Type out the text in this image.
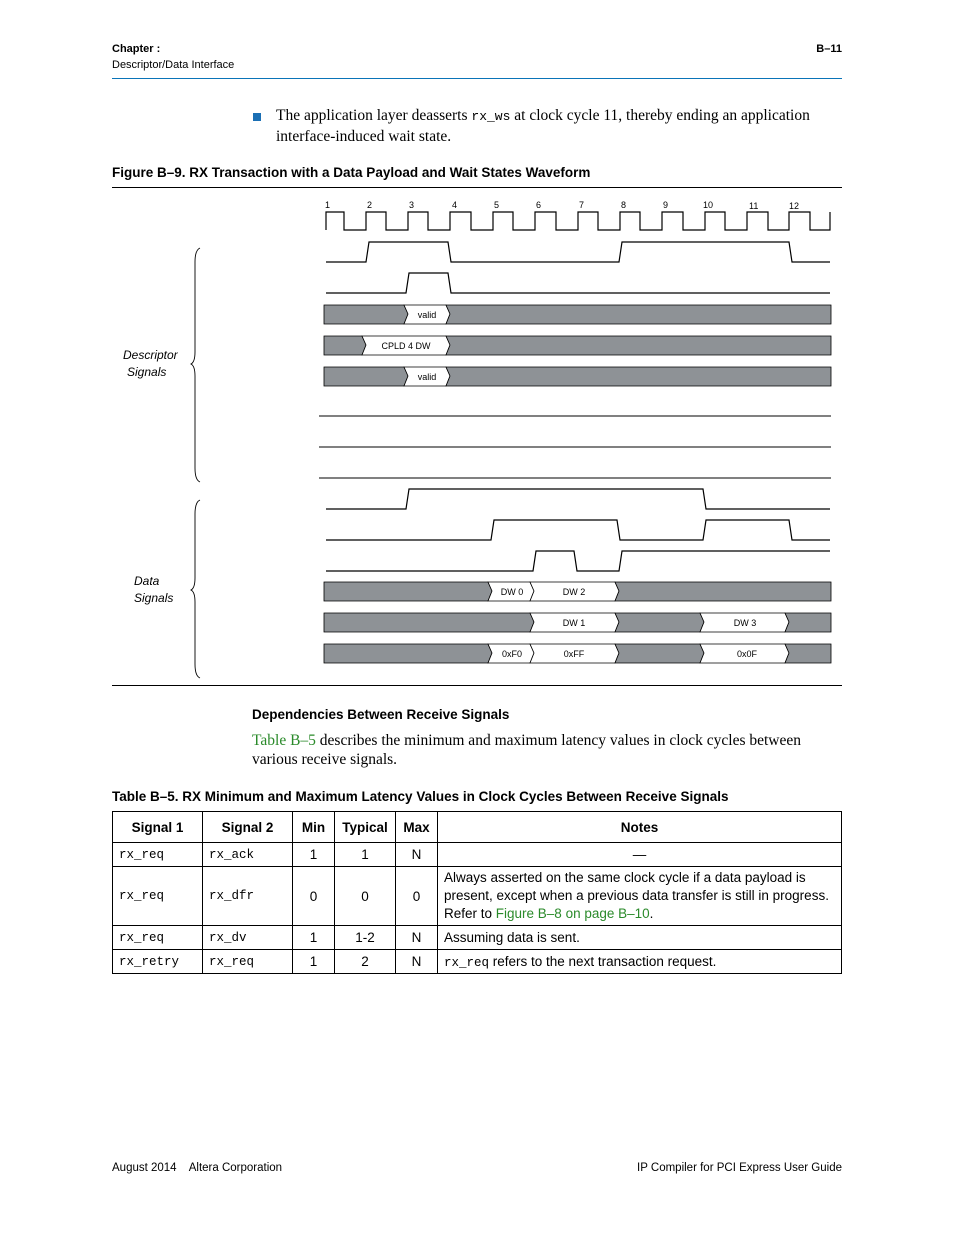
Chapter :
Descriptor/Data Interface
B–11
The application layer deasserts rx_ws at clock cycle 11, thereby ending an application interface-induced wait state.
Figure B–9. RX Transaction with a Data Payload and Wait States Waveform
1	2	3	4	5	6	7	8	9	10	11	12
valid
CPLD 4 DW
valid
DW 0	DW 2
DW 1	DW 3
0xF0	0xFF	0x0F
Descriptor
Signals
Data
Signals
Dependencies Between Receive Signals
Table B–5 describes the minimum and maximum latency values in clock cycles between various receive signals.
Table B–5. RX Minimum and Maximum Latency Values in Clock Cycles Between Receive Signals
Signal 1	Signal 2	Min	Typical	Max	Notes
rx_req	rx_ack	1	1	N	—
rx_req	rx_dfr	0	0	0	Always asserted on the same clock cycle if a data payload is present, except when a previous data transfer is still in progress. Refer to Figure B–8 on page B–10.
rx_req	rx_dv	1	1-2	N	Assuming data is sent.
rx_retry	rx_req	1	2	N	rx_req refers to the next transaction request.
August 2014    Altera Corporation	IP Compiler for PCI Express User Guide
